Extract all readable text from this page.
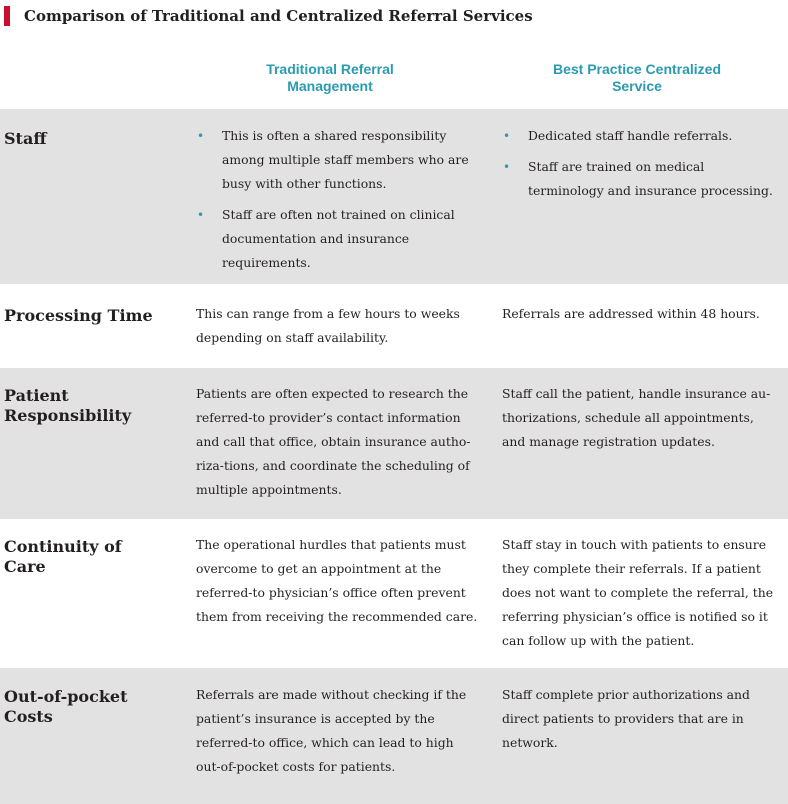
Comparison of Traditional and Centralized Referral Services
Traditional Referral Management
Best Practice Centralized Service
Staff	• This is often a shared responsibility among multiple staff members who are busy with other functions.
• Staff are often not trained on clinical documentation and insurance requirements.
• Dedicated staff handle referrals.
• Staff are trained on medical terminology and insurance processing.
Processing Time	This can range from a few hours to weeks depending on staff availability.

Referrals are addressed within 48 hours.

Patient Responsibility

Patients are often expected to research the referred-to provider’s contact information and call that office, obtain insurance authoriza-tions, and coordinate the scheduling of multiple appointments.

Staff call the patient, handle insurance authorizations, schedule all appointments, and manage registration updates.

Continuity of Care

The operational hurdles that patients must overcome to get an appointment at the referred-to physician’s office often prevent them from receiving the recommended care.

Staff stay in touch with patients to ensure they complete their referrals. If a patient does not want to complete the referral, the referring physician’s office is notified so it can follow up with the patient.

Out-of-pocket Costs

Referrals are made without checking if the patient’s insurance is accepted by the referred-to office, which can lead to high out-of-pocket costs for patients.

Staff complete prior authorizations and direct patients to providers that are in network.
